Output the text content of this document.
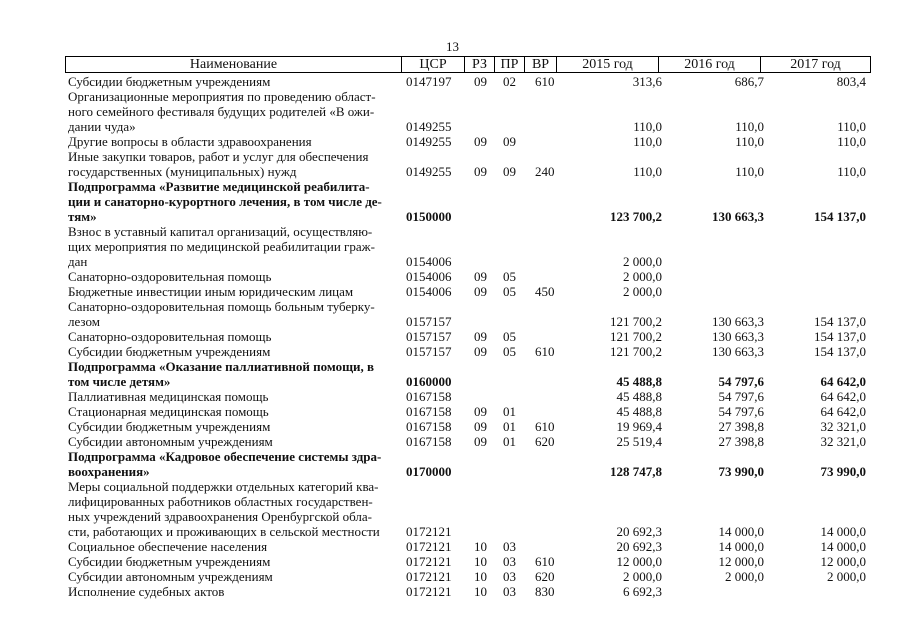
13
Наименование	ЦСР	РЗ ПР ВР	2015 год	2016 год	2017 год
Субсидии бюджетным учреждениям	0147197	09	02	610	313,6	686,7	803,4
Организационные мероприятия по проведению област-
ного семейного фестиваля будущих родителей «В ожи-
дании чуда»	0149255	110,0	110,0	110,0
Другие вопросы в области здравоохранения	0149255	09	09	110,0	110,0	110,0
Иные закупки товаров, работ и услуг для обеспечения
государственных (муниципальных) нужд	0149255	09	09	240	110,0	110,0	110,0
Подпрограмма «Развитие медицинской реабилита-
ции и санаторно-курортного лечения, в том числе де-
тям»	0150000	123 700,2	130 663,3	154 137,0
Взнос в уставный капитал организаций, осуществляю-
щих мероприятия по медицинской реабилитации граж-
дан	0154006	2 000,0
Санаторно-оздоровительная помощь	0154006	09	05	2 000,0
Бюджетные инвестиции иным юридическим лицам	0154006	09	05	450	2 000,0
Санаторно-оздоровительная помощь больным туберку-
лезом	0157157	121 700,2	130 663,3	154 137,0
Санаторно-оздоровительная помощь	0157157	09	05	121 700,2	130 663,3	154 137,0
Субсидии бюджетным учреждениям	0157157	09	05	610	121 700,2	130 663,3	154 137,0
Подпрограмма «Оказание паллиативной помощи, в
том числе детям»	0160000	45 488,8	54 797,6	64 642,0
Паллиативная медицинская помощь	0167158	45 488,8	54 797,6	64 642,0
Стационарная медицинская помощь	0167158	09	01	45 488,8	54 797,6	64 642,0
Субсидии бюджетным учреждениям	0167158	09	01	610	19 969,4	27 398,8	32 321,0
Субсидии автономным учреждениям	0167158	09	01	620	25 519,4	27 398,8	32 321,0
Подпрограмма «Кадровое обеспечение системы здра-
воохранения»	0170000	128 747,8	73 990,0	73 990,0
Меры социальной поддержки отдельных категорий ква-
лифицированных работников областных государствен-
ных учреждений здравоохранения Оренбургской обла-
сти, работающих и проживающих в сельской местности	0172121	20 692,3	14 000,0	14 000,0
Социальное обеспечение населения	0172121	10	03	20 692,3	14 000,0	14 000,0
Субсидии бюджетным учреждениям	0172121	10	03	610	12 000,0	12 000,0	12 000,0
Субсидии автономным учреждениям	0172121	10	03	620	2 000,0	2 000,0	2 000,0
Исполнение судебных актов	0172121	10	03	830	6 692,3
